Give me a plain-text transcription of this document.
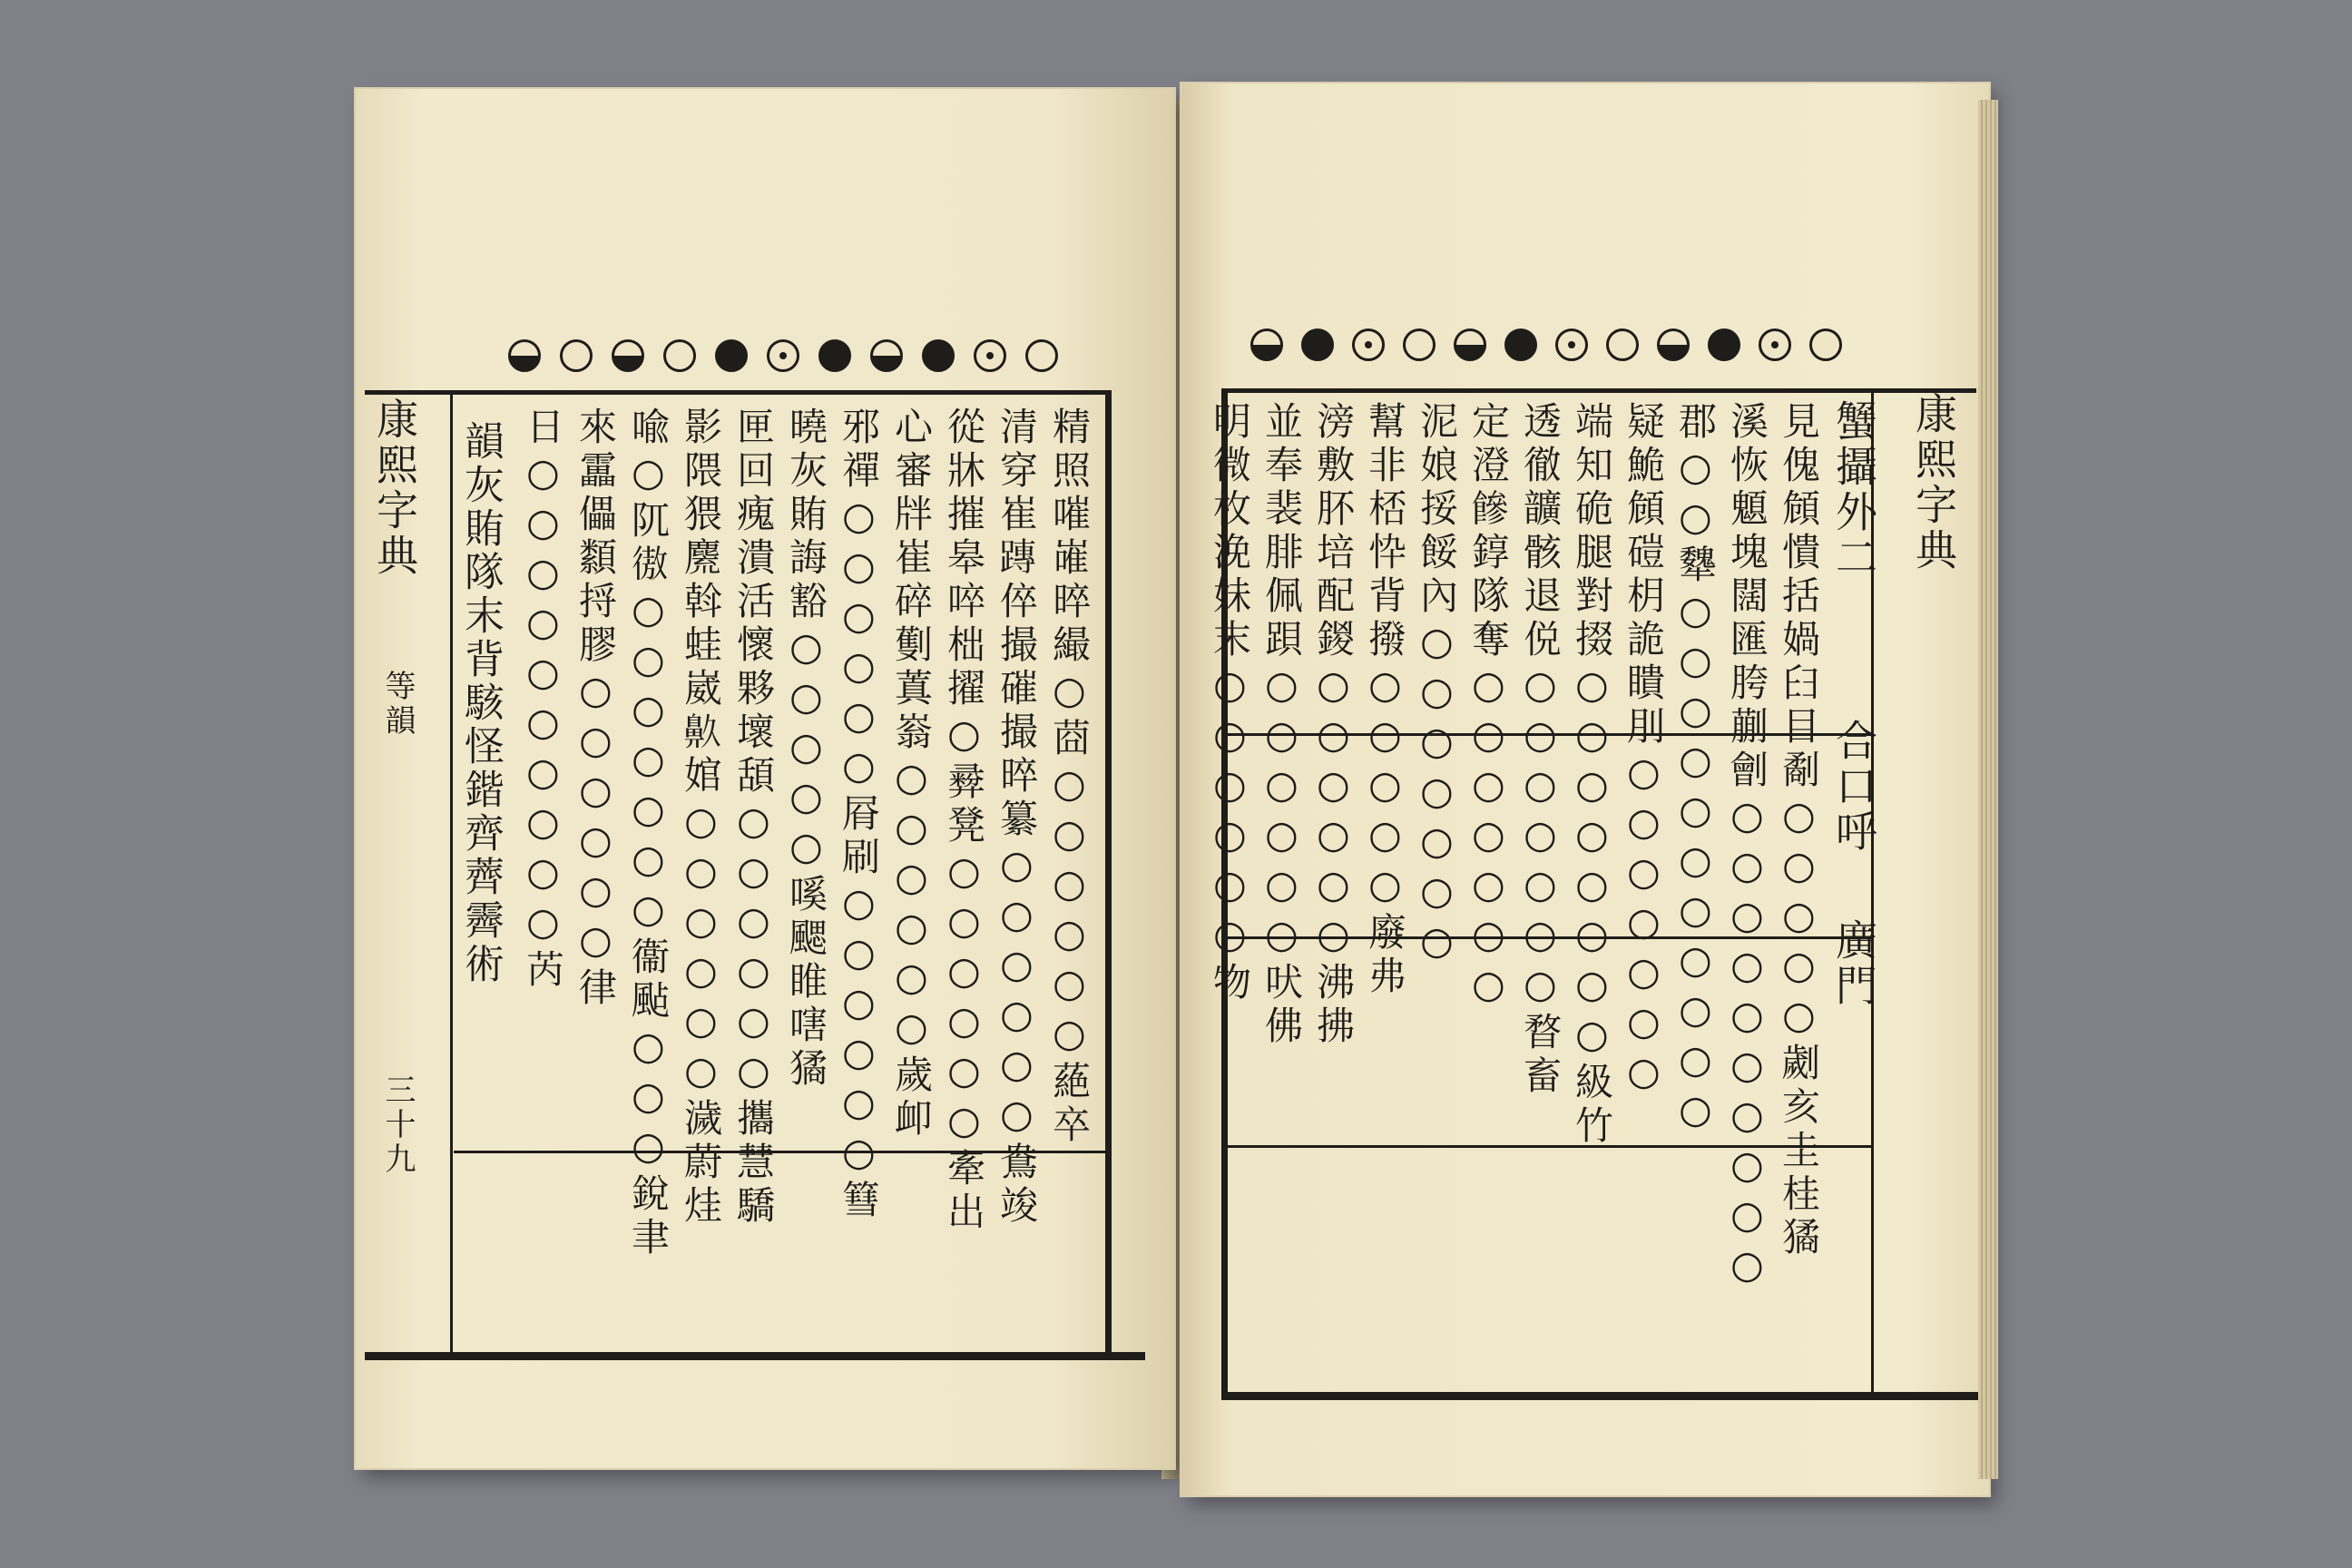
康熙字典
等韻
三十九
韻灰賄隊末背駭怪鍇齊薺霽術	精照嗺嶉晬繓○莔○○○○○○蕝卒
清穿崔𨄔倅撮磪撮晬纂○○○○○○鴦竣
從牀摧皋啐柮擢○彛凳○○○○○○牽出
心審牉崔碎劐蒖嵡○○○○○○歲卹
邪禪○○○○○○㞕刷○○○○○○篲
曉灰賄誨豁○○○○○嗘颸睢嗐獝
匣回瘣潰活懷夥壞頢○○○○○○攜慧驕
影隈猥麍斡蛙崴𪖓婠○○○○○○濊蔚烓
喩○阢𢕟○○○○○○○衞颭○○○銳聿
來靁儡纇捋膠○○○○○○律
日○○○○○○○○○○芮	康熙字典
蟹攝外二
合口呼
廣門
見傀頠憒括媧𦥑目劀○○○○○劌亥圭桂獝
溪恢䫥塊闊匯胯蒯劊○○○○○○○○○○
郡○○犩○○○○○○○○○○○
疑鮠頠磑枂詭瞶刖○○○○○○○
端知硊腿對掇○○○○○○○○級竹
透徹𩑈骸退侻○○○○○○○暓畜
定澄𩞀錞隊奪○○○○○○○
泥娘挼餒內○○○○○○○
幫非桮忰背撥○○○○○廢弗
滂敷肧培配鍐○○○○○○沸拂
並奉裴腓佩䟺○○○○○○吠佛
明微枚浼妹末○○○○○○物
